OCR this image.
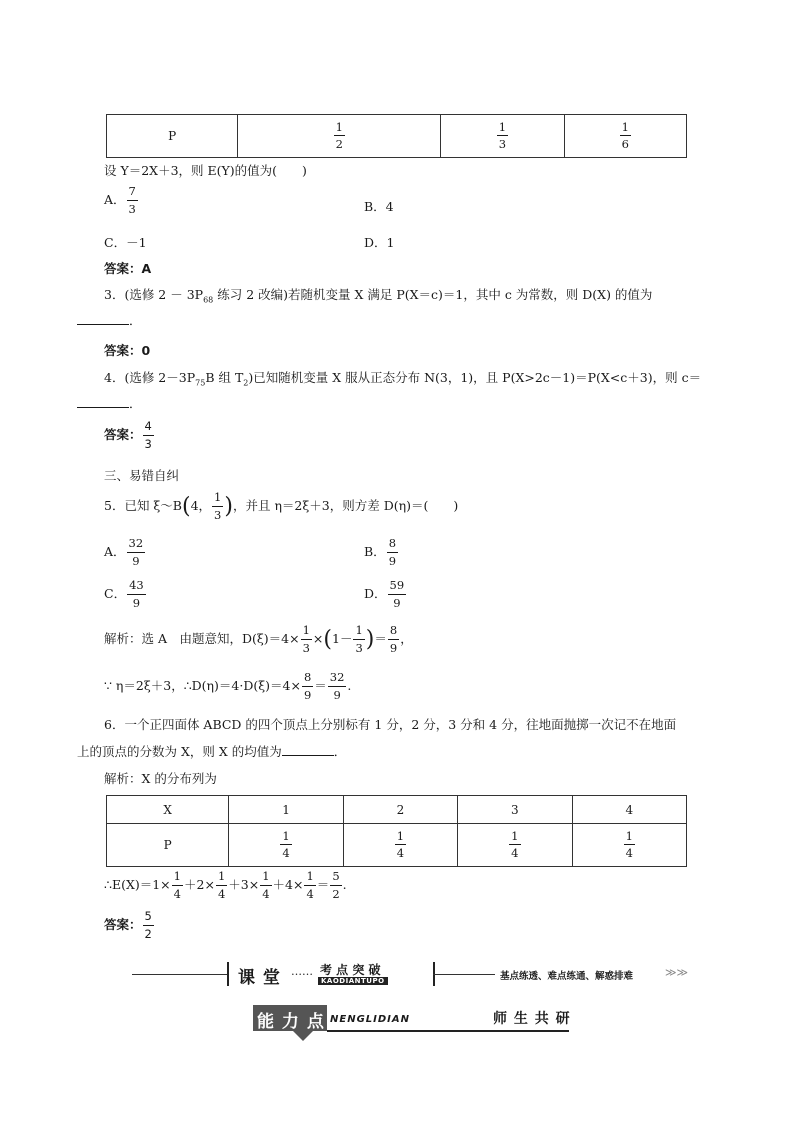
P	$\frac{1}{2}$	$\frac{1}{3}$	$\frac{1}{6}$
设 Y＝2X＋3，则 E(Y)的值为(　　)
A． $\frac{7}{3}$	B．4
C．－1	D．1
答案：A
3．(选修 $2 - 3P_{68}$ 练习 2 改编)若随机变量 X 满足 P(X＝c)＝1，其中 c 为常数，则 D(X) 的值为
．
答案：0
4．(选修 $2-3P_{75}B$ 组 $T_2$)已知随机变量 X 服从正态分布 N(3，1)，且 P(X>2c－1)＝P(X<c＋3)，则 c＝
．
答案： $\frac{4}{3}$
三、易错自纠
5．已知 ξ～B(4， $\frac{1}{3}$ )，并且 η＝2ξ＋3，则方差 D(η)＝(　　)
A． $\frac{32}{9}$	B． $\frac{8}{9}$
C． $\frac{43}{9}$	D． $\frac{59}{9}$
解析：选 A　由题意知，$D(\xi)=4\times \frac{1}{3} \times(1- \frac{1}{3}$ )＝ $\frac{8}{9}$ ，
∵ η＝2ξ＋3，∴D(η)＝4·D(ξ)＝4× $\frac{8}{9} = \frac{32}{9}$ .
6．一个正四面体 ABCD 的四个顶点上分别标有 1 分，2 分，3 分和 4 分，往地面抛掷一次记不在地面
上的顶点的分数为 X，则 X 的均值为	．
解析：X 的分布列为
X	1	2	3	4
P	$\frac{1}{4}$	$\frac{1}{4}$	$\frac{1}{4}$	$\frac{1}{4}$
∴E(X)＝1× $\frac{1}{4} +2\times \frac{1}{4} +3\times \frac{1}{4} +4\times \frac{1}{4} = \frac{5}{2}$ .
答案： $\frac{5}{2}$
课 堂 …… 考 点 突 破
KAODIANTUPO	基点练透、难点练通、解惑排难	≫≫
能 力 点 NENGLIDIAN	师 生 共 研
